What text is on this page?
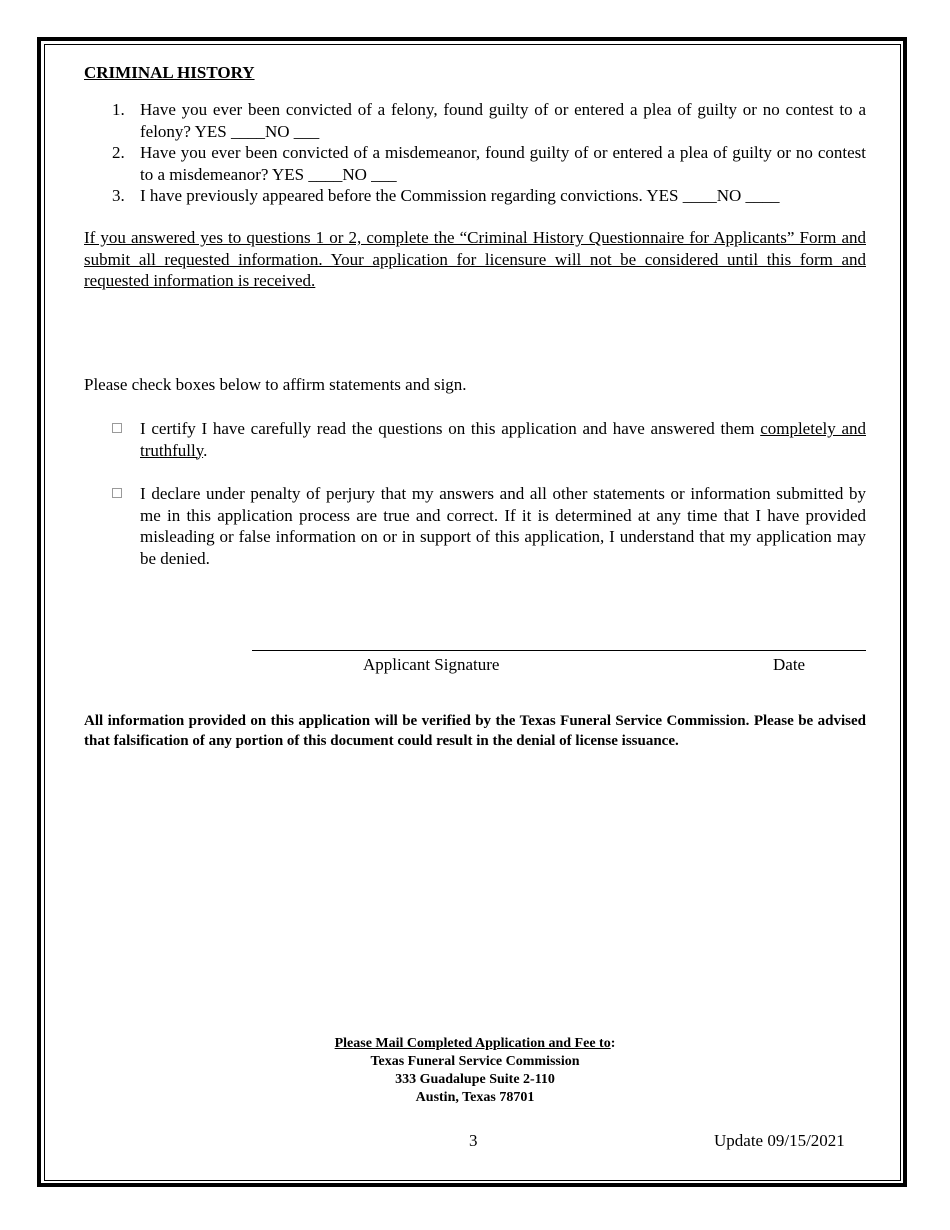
CRIMINAL HISTORY
1. Have you ever been convicted of a felony, found guilty of or entered a plea of guilty or no contest to a felony? YES ____NO ___
2. Have you ever been convicted of a misdemeanor, found guilty of or entered a plea of guilty or no contest to a misdemeanor? YES ____NO ___
3. I have previously appeared before the Commission regarding convictions. YES ____NO ____
If you answered yes to questions 1 or 2, complete the “Criminal History Questionnaire for Applicants” Form and submit all requested information. Your application for licensure will not be considered until this form and requested information is received.
Please check boxes below to affirm statements and sign.
I certify I have carefully read the questions on this application and have answered them completely and truthfully.
I declare under penalty of perjury that my answers and all other statements or information submitted by me in this application process are true and correct. If it is determined at any time that I have provided misleading or false information on or in support of this application, I understand that my application may be denied.
Applicant Signature	Date
All information provided on this application will be verified by the Texas Funeral Service Commission. Please be advised that falsification of any portion of this document could result in the denial of license issuance.
Please Mail Completed Application and Fee to:
Texas Funeral Service Commission
333 Guadalupe Suite 2-110
Austin, Texas 78701
3	Update 09/15/2021
